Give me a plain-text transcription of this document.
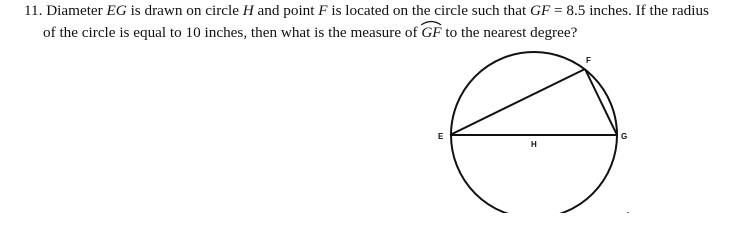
11. Diameter EG is drawn on circle H and point F is located on the circle such that GF = 8.5 inches. If the radius
of the circle is equal to 10 inches, then what is the measure of
GF to the nearest degree?
E
F
G
H
